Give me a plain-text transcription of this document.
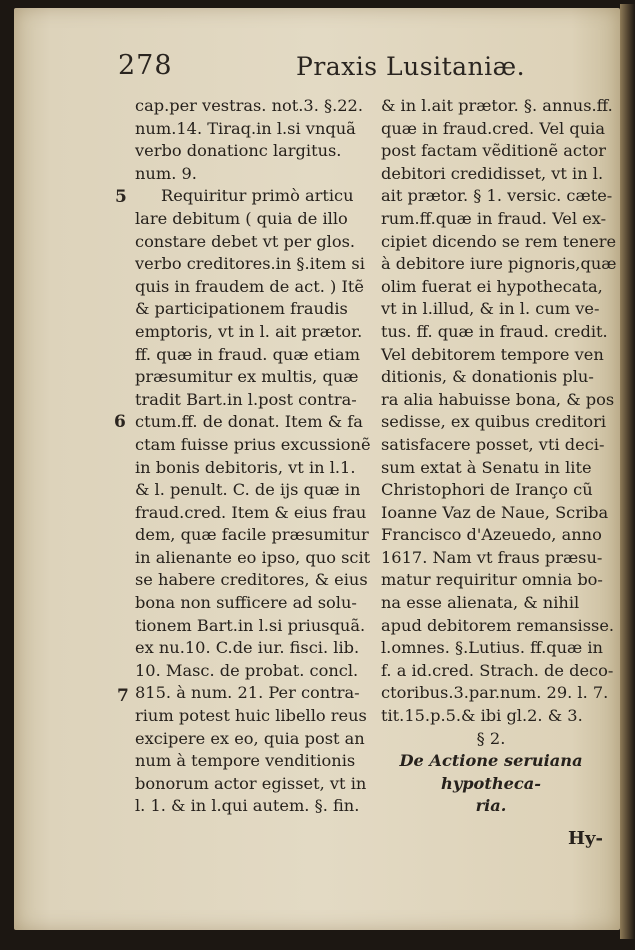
278	Praxis Lusitaniæ.
5
6
7
cap.per vestras. not.3. §.22.
num.14. Tiraq.in l.si vnquã
verbo donationc largitus.
num. 9.
Requiritur primò articu
lare debitum ( quia de illo
constare debet vt per glos.
verbo creditores.in §.item si
quis in fraudem de act. ) Itẽ
& participationem fraudis
emptoris, vt in l. ait prætor.
ff. quæ in fraud. quæ etiam
præsumitur ex multis, quæ
tradit Bart.in l.post contra-
ctum.ff. de donat. Item & fa
ctam fuisse prius excussionẽ
in bonis debitoris, vt in l.1.
& l. penult. C. de ijs quæ in
fraud.cred. Item & eius frau
dem, quæ facile præsumitur
in alienante eo ipso, quo scit
se habere creditores, & eius
bona non sufficere ad solu-
tionem Bart.in l.si priusquã.
ex nu.10. C.de iur. fisci. lib.
10. Masc. de probat. concl.
815. à num. 21. Per contra-
rium potest huic libello reus
excipere ex eo, quia post an
num à tempore venditionis
bonorum actor egisset, vt in
l. 1. & in l.qui autem. §. fin.
& in l.ait prætor. §. annus.ff.
quæ in fraud.cred. Vel quia
post factam vẽditionẽ actor
debitori credidisset, vt in l.
ait prætor. § 1. versic. cæte-
rum.ff.quæ in fraud. Vel ex-
cipiet dicendo se rem tenere
à debitore iure pignoris,quæ
olim fuerat ei hypothecata,
vt in l.illud, & in l. cum ve-
tus. ff. quæ in fraud. credit.
Vel debitorem tempore ven
ditionis, & donationis plu-
ra alia habuisse bona, & pos
sedisse, ex quibus creditori
satisfacere posset, vti deci-
sum extat à Senatu in lite
Christophori de Iranço cũ
Ioanne Vaz de Naue, Scriba
Francisco d'Azeuedo, anno
1617. Nam vt fraus præsu-
matur requiritur omnia bo-
na esse alienata, & nihil
apud debitorem remansisse.
l.omnes. §.Lutius. ff.quæ in
f. a id.cred. Strach. de deco-
ctoribus.3.par.num. 29. l. 7.
tit.15.p.5.& ibi gl.2. & 3.
§ 2.
De Actione seruiana
hypotheca-
ria.
Hy-
